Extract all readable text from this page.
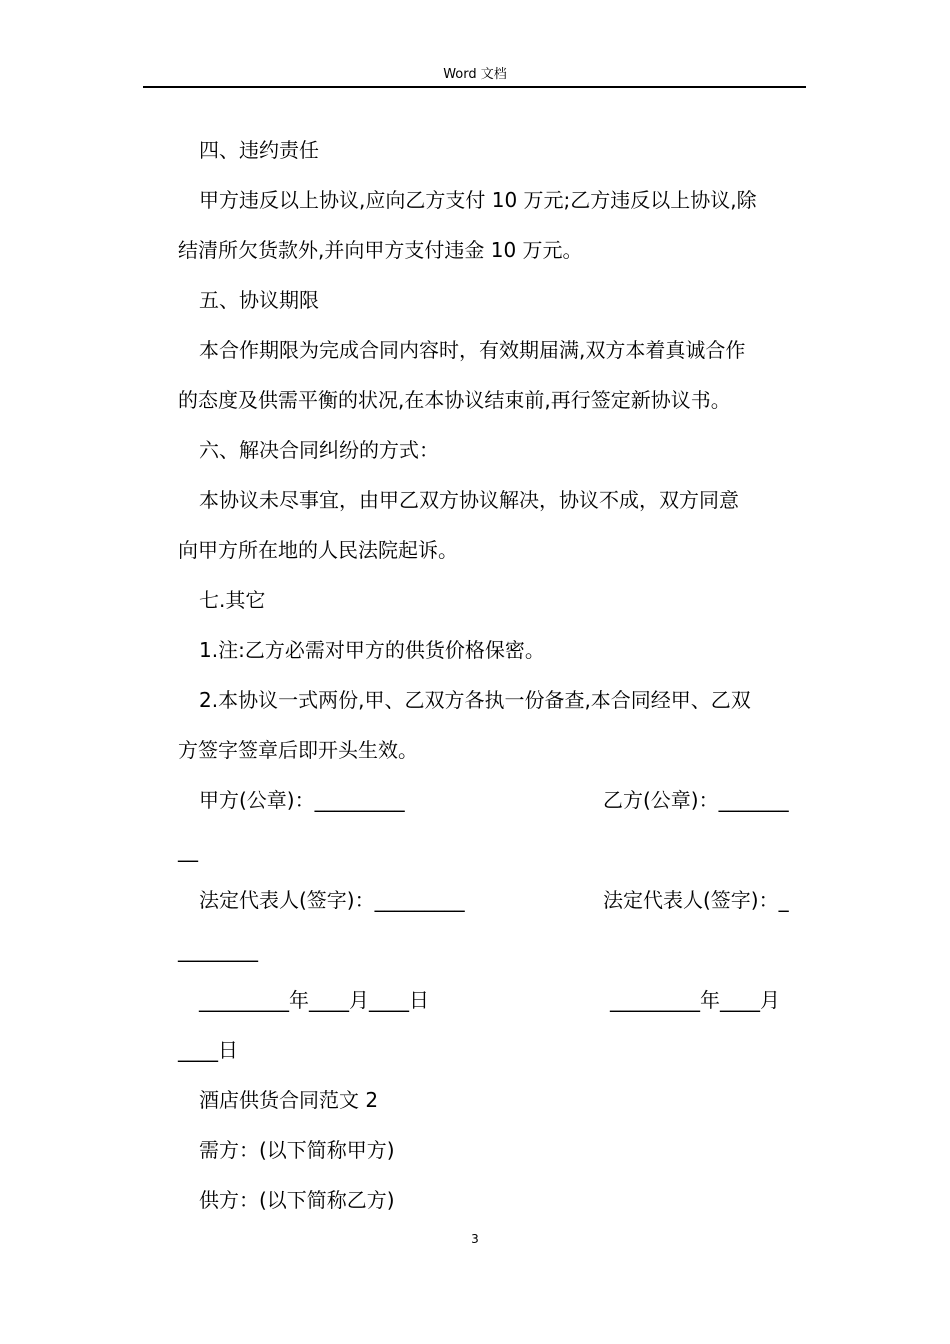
Word 文档
四、违约责任
甲方违反以上协议,应向乙方支付 10 万元;乙方违反以上协议,除
结清所欠货款外,并向甲方支付违金 10 万元。
五、协议期限
本合作期限为完成合同内容时，有效期届满,双方本着真诚合作
的态度及供需平衡的状况,在本协议结束前,再行签定新协议书。
六、解决合同纠纷的方式：
本协议未尽事宜，由甲乙双方协议解决，协议不成，双方同意
向甲方所在地的人民法院起诉。
七.其它
1.注:乙方必需对甲方的供货价格保密。
2.本协议一式两份,甲、乙双方各执一份备查,本合同经甲、乙双
方签字签章后即开头生效。
甲方(公章)：_________	乙方(公章)：_______
__
法定代表人(签字)：_________	法定代表人(签字)：_
________
_________年____月____日	_________年____月
____日
酒店供货合同范文 2
需方：(以下简称甲方)
供方：(以下简称乙方)
3
